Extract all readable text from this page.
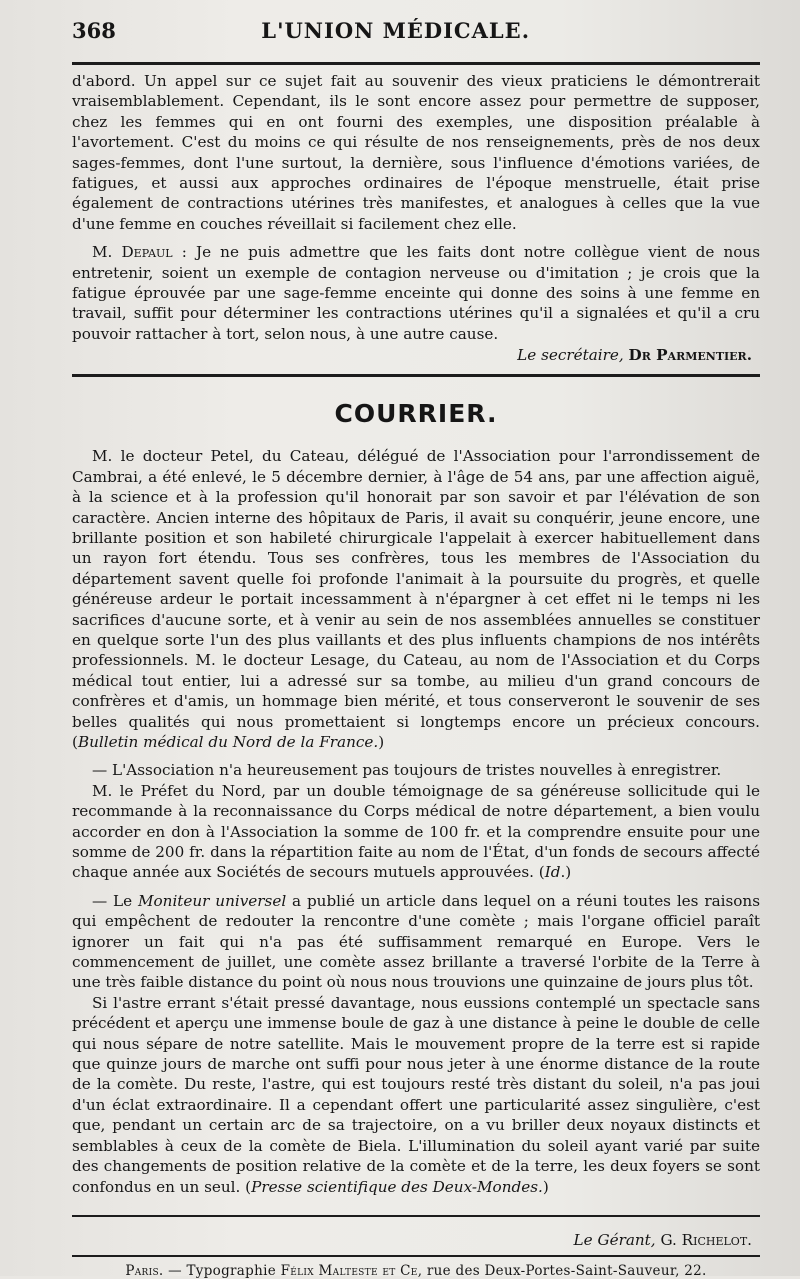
368	L'UNION MÉDICALE.

d'abord. Un appel sur ce sujet fait au souvenir des vieux praticiens le démontrerait vraisemblablement. Cependant, ils le sont encore assez pour permettre de supposer, chez les femmes qui en ont fourni des exemples, une disposition préalable à l'avortement. C'est du moins ce qui résulte de nos renseignements, près de nos deux sages-femmes, dont l'une surtout, la dernière, sous l'influence d'émotions variées, de fatigues, et aussi aux approches ordinaires de l'époque menstruelle, était prise également de contractions utérines très manifestes, et analogues à celles que la vue d'une femme en couches réveillait si facilement chez elle.

M. Depaul : Je ne puis admettre que les faits dont notre collègue vient de nous entretenir, soient un exemple de contagion nerveuse ou d'imitation ; je crois que la fatigue éprouvée par une sage-femme enceinte qui donne des soins à une femme en travail, suffit pour déterminer les contractions utérines qu'il a signalées et qu'il a cru pouvoir rattacher à tort, selon nous, à une autre cause.

Le secrétaire, Dr Parmentier.
COURRIER.

M. le docteur Petel, du Cateau, délégué de l'Association pour l'arrondissement de Cambrai, a été enlevé, le 5 décembre dernier, à l'âge de 54 ans, par une affection aiguë, à la science et à la profession qu'il honorait par son savoir et par l'élévation de son caractère. Ancien interne des hôpitaux de Paris, il avait su conquérir, jeune encore, une brillante position et son habileté chirurgicale l'appelait à exercer habituellement dans un rayon fort étendu. Tous ses confrères, tous les membres de l'Association du département savent quelle foi profonde l'animait à la poursuite du progrès, et quelle généreuse ardeur le portait incessamment à n'épargner à cet effet ni le temps ni les sacrifices d'aucune sorte, et à venir au sein de nos assemblées annuelles se constituer en quelque sorte l'un des plus vaillants et des plus influents champions de nos intérêts professionnels. M. le docteur Lesage, du Cateau, au nom de l'Association et du Corps médical tout entier, lui a adressé sur sa tombe, au milieu d'un grand concours de confrères et d'amis, un hommage bien mérité, et tous conserveront le souvenir de ses belles qualités qui nous promettaient si longtemps encore un précieux concours. (Bulletin médical du Nord de la France.)

— L'Association n'a heureusement pas toujours de tristes nouvelles à enregistrer.

M. le Préfet du Nord, par un double témoignage de sa généreuse sollicitude qui le recommande à la reconnaissance du Corps médical de notre département, a bien voulu accorder en don à l'Association la somme de 100 fr. et la comprendre ensuite pour une somme de 200 fr. dans la répartition faite au nom de l'État, d'un fonds de secours affecté chaque année aux Sociétés de secours mutuels approuvées. (Id.)

— Le Moniteur universel a publié un article dans lequel on a réuni toutes les raisons qui empêchent de redouter la rencontre d'une comète ; mais l'organe officiel paraît ignorer un fait qui n'a pas été suffisamment remarqué en Europe. Vers le commencement de juillet, une comète assez brillante a traversé l'orbite de la Terre à une très faible distance du point où nous nous trouvions une quinzaine de jours plus tôt.

Si l'astre errant s'était pressé davantage, nous eussions contemplé un spectacle sans précédent et aperçu une immense boule de gaz à une distance à peine le double de celle qui nous sépare de notre satellite. Mais le mouvement propre de la terre est si rapide que quinze jours de marche ont suffi pour nous jeter à une énorme distance de la route de la comète. Du reste, l'astre, qui est toujours resté très distant du soleil, n'a pas joui d'un éclat extraordinaire. Il a cependant offert une particularité assez singulière, c'est que, pendant un certain arc de sa trajectoire, on a vu briller deux noyaux distincts et semblables à ceux de la comète de Biela. L'illumination du soleil ayant varié par suite des changements de position relative de la comète et de la terre, les deux foyers se sont confondus en un seul. (Presse scientifique des Deux-Mondes.)

Le Gérant, G. Richelot.
Paris. — Typographie Félix Malteste et Ce, rue des Deux-Portes-Saint-Sauveur, 22.
